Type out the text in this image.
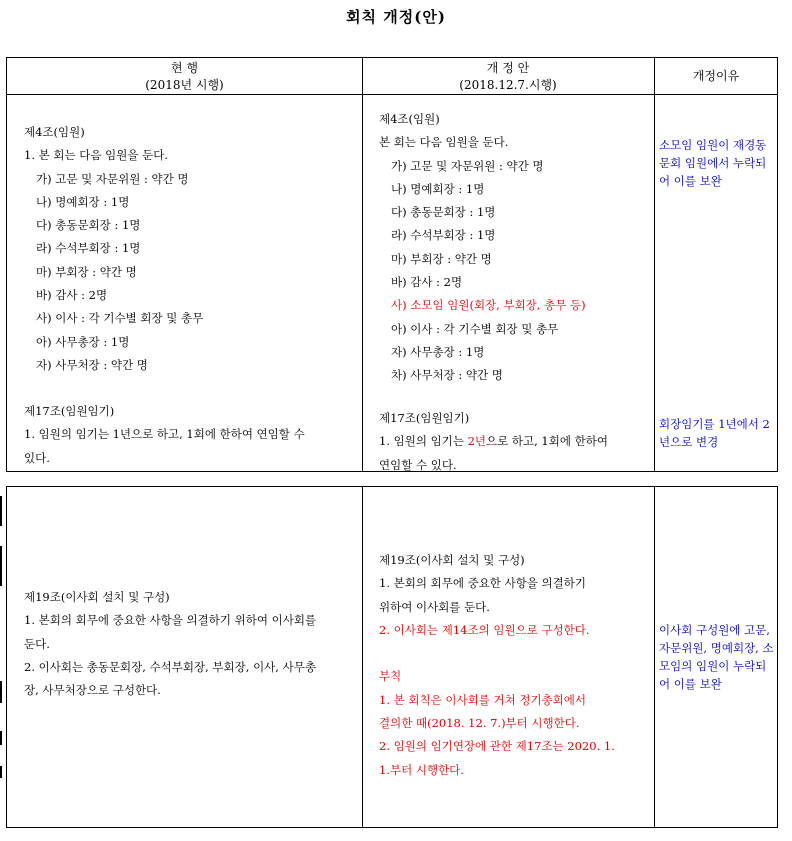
회칙 개정(안)
현 행
(2018년 시행)
개 정 안
(2018.12.7.시행)
개정이유
제4조(임원)
1. 본 회는 다음 임원을 둔다.
가) 고문 및 자문위원 : 약간 명
나) 명예회장 : 1명
다) 총동문회장 : 1명
라) 수석부회장 : 1명
마) 부회장 : 약간 명
바) 감사 : 2명
사) 이사 : 각 기수별 회장 및 총무
아) 사무총장 : 1명
자) 사무처장 : 약간 명
제17조(임원임기)
1. 임원의 임기는 1년으로 하고, 1회에 한하여 연임할 수
있다.
제4조(임원)
본 회는 다음 임원을 둔다.
가) 고문 및 자문위원 : 약간 명
나) 명예회장 : 1명
다) 총동문회장 : 1명
라) 수석부회장 : 1명
마) 부회장 : 약간 명
바) 감사 : 2명
사) 소모임 임원(회장, 부회장, 총무 등)
아) 이사 : 각 기수별 회장 및 총무
자) 사무총장 : 1명
차) 사무처장 : 약간 명
제17조(임원임기)
1. 임원의 임기는 2년으로 하고, 1회에 한하여
연임할 수 있다.
소모임 임원이 재경동문회 임원에서 누락되어 이를 보완
회장임기를 1년에서 2년으로 변경
제19조(이사회 설치 및 구성)
1. 본회의 회무에 중요한 사항을 의결하기 위하여 이사회를
둔다.
2. 이사회는 총동문회장, 수석부회장, 부회장, 이사, 사무총
장, 사무처장으로 구성한다.
제19조(이사회 설치 및 구성)
1. 본회의 회무에 중요한 사항을 의결하기
위하여 이사회를 둔다.
2. 이사회는 제14조의 임원으로 구성한다.
부칙
1. 본 회칙은 이사회를 거쳐 정기총회에서
결의한 때(2018. 12. 7.)부터 시행한다.
2. 임원의 임기연장에 관한 제17조는 2020. 1.
1.부터 시행한다.
이사회 구성원에 고문, 자문위원, 명예회장, 소모임의 임원이 누락되어 이를 보완
